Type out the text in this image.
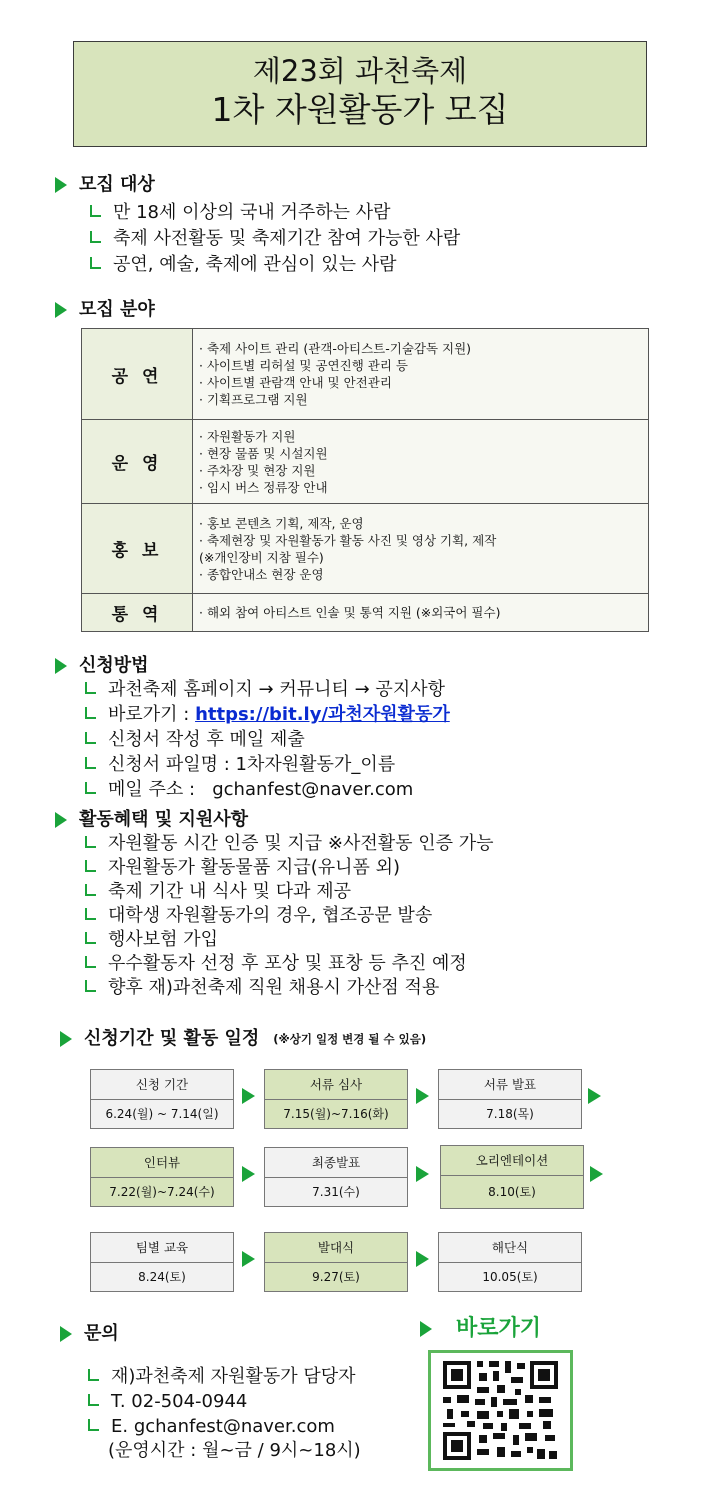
제23회 과천축제
1차 자원활동가 모집
모집 대상
만 18세 이상의 국내 거주하는 사람
축제 사전활동 및 축제기간 참여 가능한 사람
공연, 예술, 축제에 관심이 있는 사람
모집 분야
공 연	· 축제 사이트 관리 (관객-아티스트-기술감독 지원)
· 사이트별 리허설 및 공연진행 관리 등
· 사이트별 관람객 안내 및 안전관리
· 기획프로그램 지원

운 영	· 자원활동가 지원
· 현장 물품 및 시설지원
· 주차장 및 현장 지원
· 임시 버스 정류장 안내

홍 보	· 홍보 콘텐츠 기획, 제작, 운영
· 축제현장 및 자원활동가 활동 사진 및 영상 기획, 제작
(※개인장비 지참 필수)
· 종합안내소 현장 운영

통 역	· 해외 참여 아티스트 인솔 및 통역 지원 (※외국어 필수)
신청방법
과천축제 홈페이지 → 커뮤니티 → 공지사항
바로가기 : https://bit.ly/과천자원활동가
신청서 작성 후 메일 제출
신청서 파일명 : 1차자원활동가_이름
메일 주소 :   gchanfest@naver.com
활동혜택 및 지원사항
자원활동 시간 인증 및 지급 ※사전활동 인증 가능
자원활동가 활동물품 지급(유니폼 외)
축제 기간 내 식사 및 다과 제공
대학생 자원활동가의 경우, 협조공문 발송
행사보험 가입
우수활동자 선정 후 포상 및 표창 등 추진 예정
향후 재)과천축제 직원 채용시 가산점 적용
신청기간 및 활동 일정 (※상기 일정 변경 될 수 있음)
신청 기간
6.24(월) ~ 7.14(일)
서류 심사
7.15(월)~7.16(화)
서류 발표
7.18(목)
인터뷰
7.22(월)~7.24(수)
최종발표
7.31(수)
오리엔테이션
8.10(토)
팀별 교육
8.24(토)
발대식
9.27(토)
해단식
10.05(토)
문의
재)과천축제 자원활동가 담당자
T. 02-504-0944
E. gchanfest@naver.com
(운영시간 : 월~금 / 9시~18시)
바로가기
